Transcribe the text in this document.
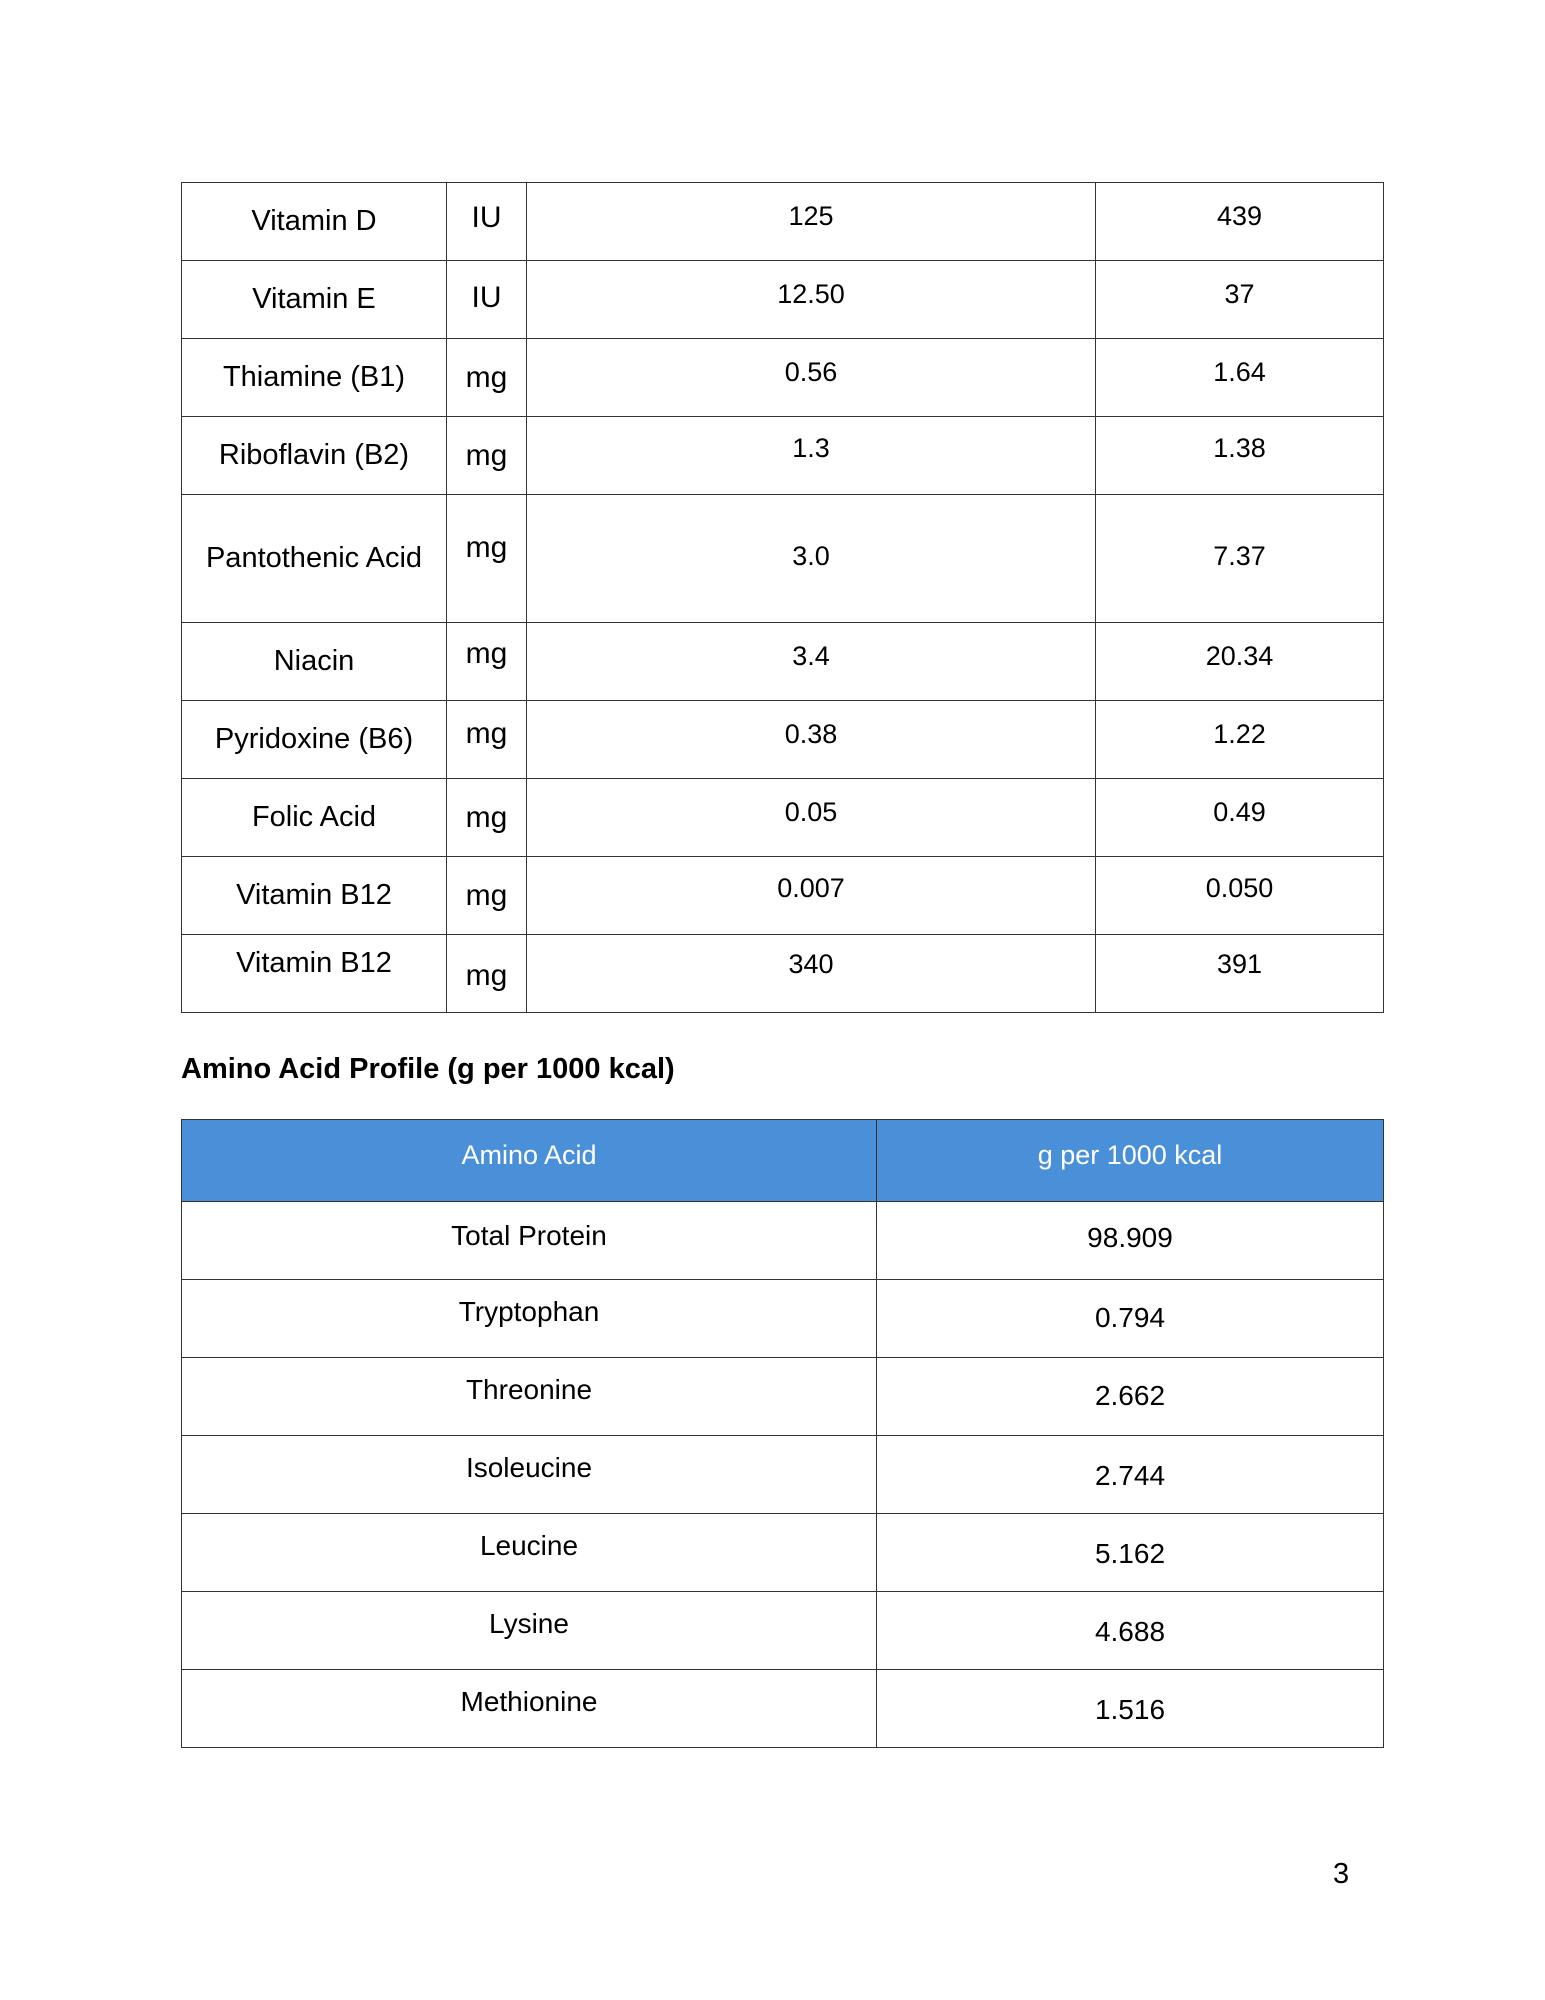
Vitamin D	IU	125	439

Vitamin E	IU	12.50	37

Thiamine (B1)	mg	0.56	1.64

Riboflavin (B2)	mg	1.3	1.38

Pantothenic Acid	mg	3.0	7.37

Niacin	mg	3.4	20.34

Pyridoxine (B6)	mg	0.38	1.22

Folic Acid	mg	0.05	0.49

Vitamin B12	mg	0.007	0.050

Vitamin B12	mg	340	391
Amino Acid Profile (g per 1000 kcal)
Amino Acid	g per 1000 kcal

Total Protein	98.909

Tryptophan	0.794

Threonine	2.662

Isoleucine	2.744

Leucine	5.162

Lysine	4.688

Methionine	1.516

3
